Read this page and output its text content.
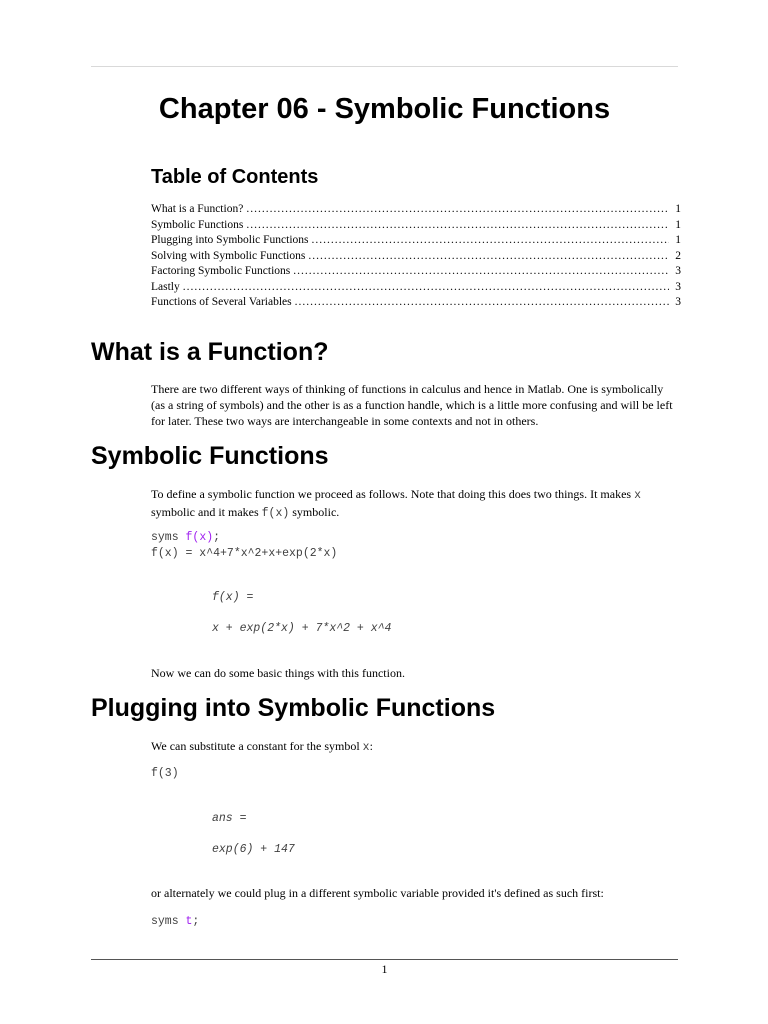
Chapter 06 - Symbolic Functions
Table of Contents
What is a Function? .....	1
Symbolic Functions .....	1
Plugging into Symbolic Functions .....	1
Solving with Symbolic Functions .....	2
Factoring Symbolic Functions .....	3
Lastly .....	3
Functions of Several Variables .....	3
What is a Function?

There are two different ways of thinking of functions in calculus and hence in Matlab. One is symbolically (as a string of symbols) and the other is as a function handle, which is a little more confusing and will be left for later. These two ways are interchangeable in some contexts and not in others.

Symbolic Functions

To define a symbolic function we proceed as follows. Note that doing this does two things. It makes x
symbolic and it makes f(x) symbolic.

syms f(x);
f(x) = x^4+7*x^2+x+exp(2*x)
f(x) =
x + exp(2*x) + 7*x^2 + x^4

Now we can do some basic things with this function.

Plugging into Symbolic Functions

We can substitute a constant for the symbol x:

f(3)
ans =
exp(6) + 147

or alternately we could plug in a different symbolic variable provided it's defined as such first:

syms t;

1
